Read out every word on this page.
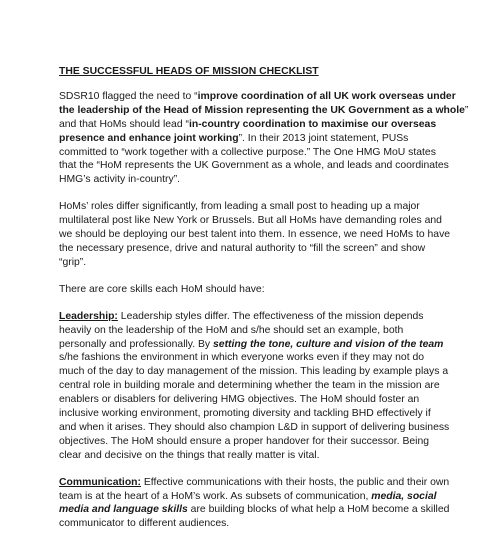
THE SUCCESSFUL HEADS OF MISSION CHECKLIST

SDSR10 flagged the need to “improve coordination of all UK work overseas under
the leadership of the Head of Mission representing the UK Government as a whole”
and that HoMs should lead “in-country coordination to maximise our overseas
presence and enhance joint working”. In their 2013 joint statement, PUSs
committed to “work together with a collective purpose.” The One HMG MoU states
that the “HoM represents the UK Government as a whole, and leads and coordinates
HMG’s activity in-country”.

HoMs’ roles differ significantly, from leading a small post to heading up a major
multilateral post like New York or Brussels. But all HoMs have demanding roles and
we should be deploying our best talent into them. In essence, we need HoMs to have
the necessary presence, drive and natural authority to “fill the screen” and show
“grip”.

There are core skills each HoM should have:

Leadership: Leadership styles differ. The effectiveness of the mission depends
heavily on the leadership of the HoM and s/he should set an example, both
personally and professionally. By setting the tone, culture and vision of the team
s/he fashions the environment in which everyone works even if they may not do
much of the day to day management of the mission. This leading by example plays a
central role in building morale and determining whether the team in the mission are
enablers or disablers for delivering HMG objectives. The HoM should foster an
inclusive working environment, promoting diversity and tackling BHD effectively if
and when it arises. They should also champion L&D in support of delivering business
objectives. The HoM should ensure a proper handover for their successor. Being
clear and decisive on the things that really matter is vital.

Communication: Effective communications with their hosts, the public and their own
team is at the heart of a HoM’s work. As subsets of communication, media, social
media and language skills are building blocks of what help a HoM become a skilled
communicator to different audiences.
